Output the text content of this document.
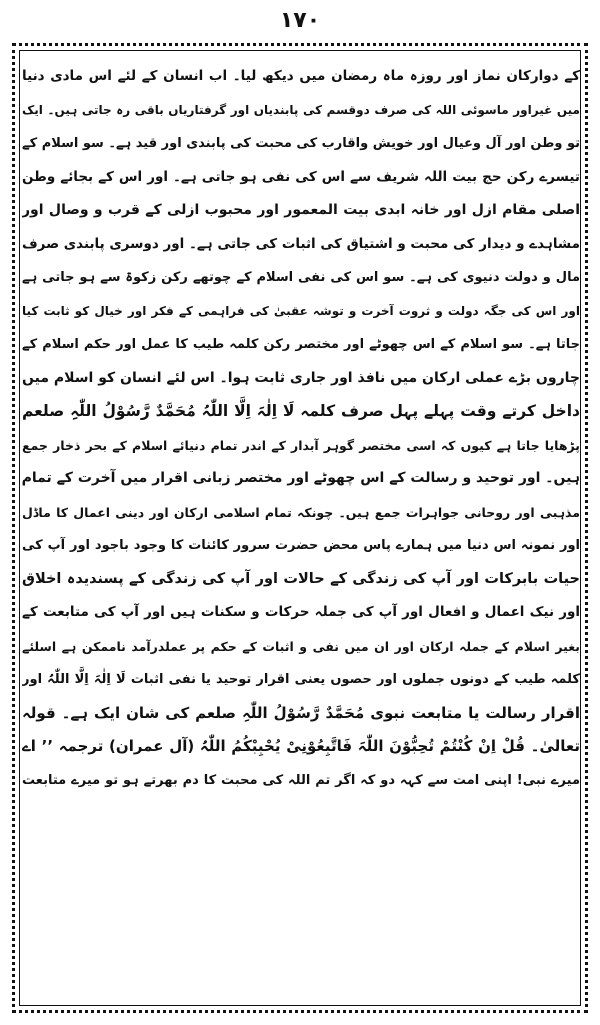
۱۷۰
کے دوارکان نماز اور روزہ ماہ رمضان میں دیکھ لیا۔ اب انسان کے لئے اس مادی دنیا
میں غیراور ماسوئی اللہ کی صرف دوقسم کی پابندیاں اور گرفتاریاں باقی رہ جاتی ہیں۔ ایک
تو وطن اور آل وعیال اور خویش واقارب کی محبت کی پابندی اور قید ہے۔ سو اسلام کے
تیسرے رکن حج بیت اللہ شریف سے اس کی نفی ہو جاتی ہے۔ اور اس کے بجائے وطن
اصلی مقام ازل اور خانہ ابدی بیت المعمور اور محبوب ازلی کے قرب و وصال اور
مشاہدے و دیدار کی محبت و اشتیاق کی اثبات کی جاتی ہے۔ اور دوسری پابندی صرف
مال و دولت دنیوی کی ہے۔ سو اس کی نفی اسلام کے چوتھے رکن زکوۃ سے ہو جاتی ہے
اور اس کی جگہ دولت و ثروت آخرت و توشہ عقبیٰ کی فراہمی کے فکر اور خیال کو ثابت کیا
جاتا ہے۔ سو اسلام کے اس چھوٹے اور مختصر رکن کلمہ طیب کا عمل اور حکم اسلام کے
چاروں بڑے عملی ارکان میں نافذ اور جاری ثابت ہوا۔ اس لئے انسان کو اسلام میں
داخل کرتے وقت پہلے پہل صرف کلمہ لَا اِلٰہَ اِلَّا اللّٰہُ مُحَمَّدٌ رَّسُوْلُ اللّٰہِ صلعم
پڑھایا جاتا ہے کیوں کہ اسی مختصر گوہر آبدار کے اندر تمام دنیائے اسلام کے بحر ذخار جمع
ہیں۔ اور توحید و رسالت کے اس چھوٹے اور مختصر زبانی اقرار میں آخرت کے تمام
مذہبی اور روحانی جواہرات جمع ہیں۔ چونکہ تمام اسلامی ارکان اور دینی اعمال کا ماڈل
اور نمونہ اس دنیا میں ہمارے پاس محض حضرت سرور کائنات کا وجود باجود اور آپ کی
حیات بابرکات اور آپ کی زندگی کے حالات اور آپ کی زندگی کے پسندیدہ اخلاق
اور نیک اعمال و افعال اور آپ کی جملہ حرکات و سکنات ہیں اور آپ کی متابعت کے
بغیر اسلام کے جملہ ارکان اور ان میں نفی و اثبات کے حکم پر عملدرآمد ناممکن ہے اسلئے
کلمہ طیب کے دونوں جملوں اور حصوں یعنی اقرار توحید یا نفی اثبات لَا اِلٰہَ اِلَّا اللّٰہُ اور
اقرار رسالت یا متابعت نبوی مُحَمَّدٌ رَّسُوْلُ اللّٰہِ صلعم کی شان ایک ہے۔ قولہ
تعالیٰ۔ قُلْ اِنْ کُنْتُمْ تُحِبُّوْنَ اللّٰہَ فَاتَّبِعُوْنِیْ یُحْبِبْکُمُ اللّٰہُ (آل عمران) ترجمہ ’’ اے
میرے نبی! اپنی امت سے کہہ دو کہ اگر تم اللہ کی محبت کا دم بھرتے ہو تو میرے متابعت
